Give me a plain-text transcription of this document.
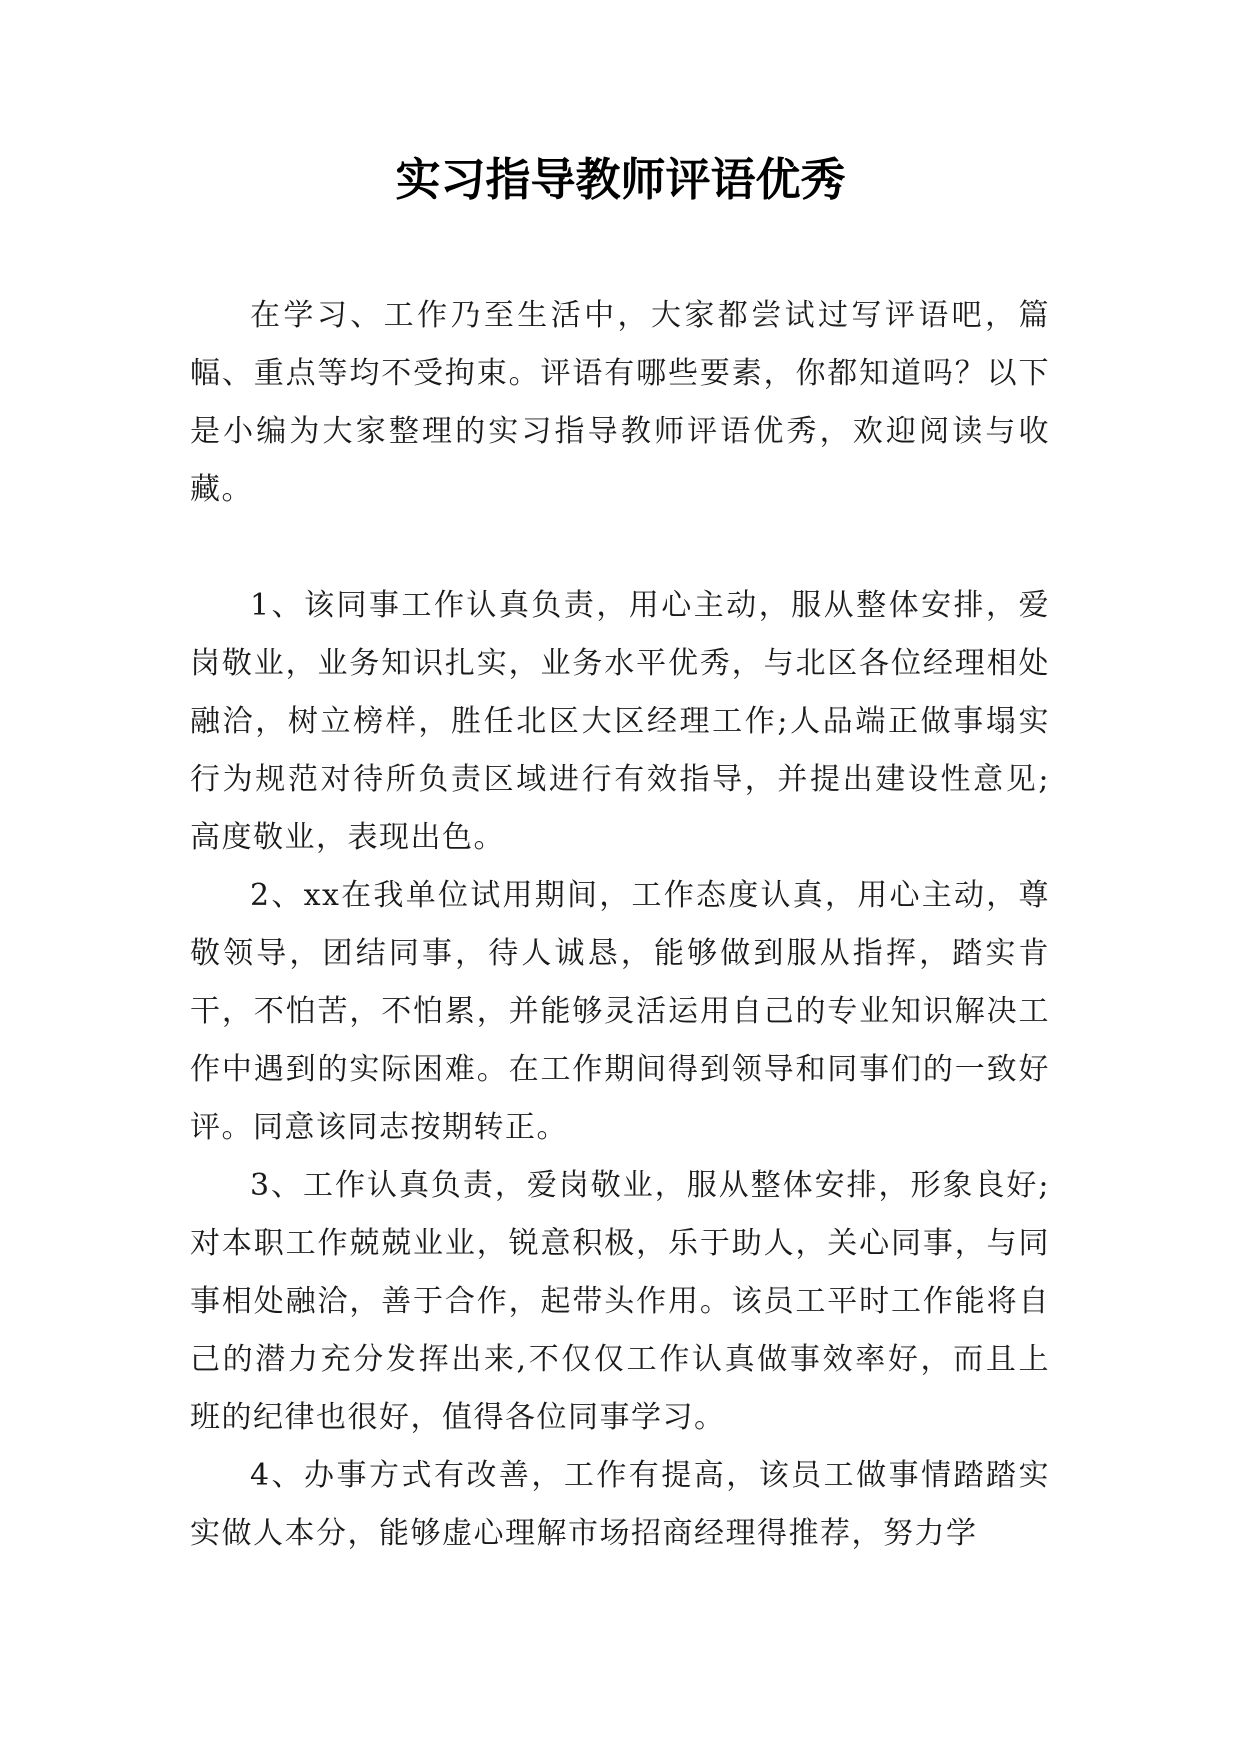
实习指导教师评语优秀

在学习、工作乃至生活中，大家都尝试过写评语吧，篇幅、重点等均不受拘束。评语有哪些要素，你都知道吗？以下是小编为大家整理的实习指导教师评语优秀，欢迎阅读与收藏。

1、该同事工作认真负责，用心主动，服从整体安排，爱岗敬业，业务知识扎实，业务水平优秀，与北区各位经理相处融洽，树立榜样，胜任北区大区经理工作;人品端正做事塌实行为规范对待所负责区域进行有效指导，并提出建设性意见;高度敬业，表现出色。

2、xx在我单位试用期间，工作态度认真，用心主动，尊敬领导，团结同事，待人诚恳，能够做到服从指挥，踏实肯干，不怕苦，不怕累，并能够灵活运用自己的专业知识解决工作中遇到的实际困难。在工作期间得到领导和同事们的一致好评。同意该同志按期转正。

3、工作认真负责，爱岗敬业，服从整体安排，形象良好;对本职工作兢兢业业，锐意积极，乐于助人，关心同事，与同事相处融洽，善于合作，起带头作用。该员工平时工作能将自己的潜力充分发挥出来,不仅仅工作认真做事效率好，而且上班的纪律也很好，值得各位同事学习。

4、办事方式有改善，工作有提高，该员工做事情踏踏实实做人本分，能够虚心理解市场招商经理得推荐，努力学
